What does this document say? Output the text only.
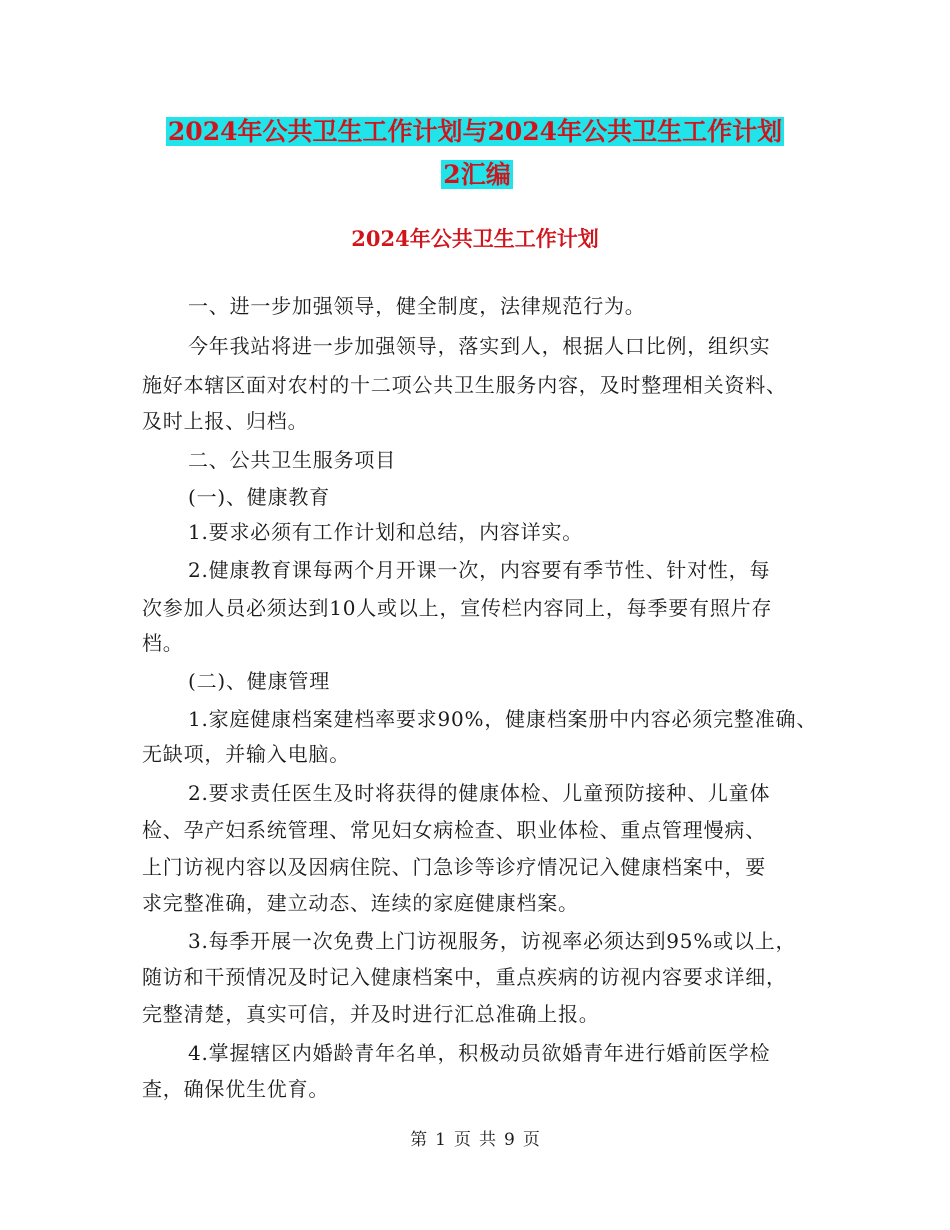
2024年公共卫生工作计划与2024年公共卫生工作计划
2汇编
2024年公共卫生工作计划
一、进一步加强领导，健全制度，法律规范行为。
今年我站将进一步加强领导，落实到人，根据人口比例，组织实
施好本辖区面对农村的十二项公共卫生服务内容，及时整理相关资料、
及时上报、归档。
二、公共卫生服务项目
(一)、健康教育
1.要求必须有工作计划和总结，内容详实。
2.健康教育课每两个月开课一次，内容要有季节性、针对性，每
次参加人员必须达到10人或以上，宣传栏内容同上，每季要有照片存
档。
(二)、健康管理
1.家庭健康档案建档率要求90%，健康档案册中内容必须完整准确、
无缺项，并输入电脑。
2.要求责任医生及时将获得的健康体检、儿童预防接种、儿童体
检、孕产妇系统管理、常见妇女病检查、职业体检、重点管理慢病、
上门访视内容以及因病住院、门急诊等诊疗情况记入健康档案中，要
求完整准确，建立动态、连续的家庭健康档案。
3.每季开展一次免费上门访视服务，访视率必须达到95%或以上，
随访和干预情况及时记入健康档案中，重点疾病的访视内容要求详细，
完整清楚，真实可信，并及时进行汇总准确上报。
4.掌握辖区内婚龄青年名单，积极动员欲婚青年进行婚前医学检
查，确保优生优育。
第 1 页 共 9 页
